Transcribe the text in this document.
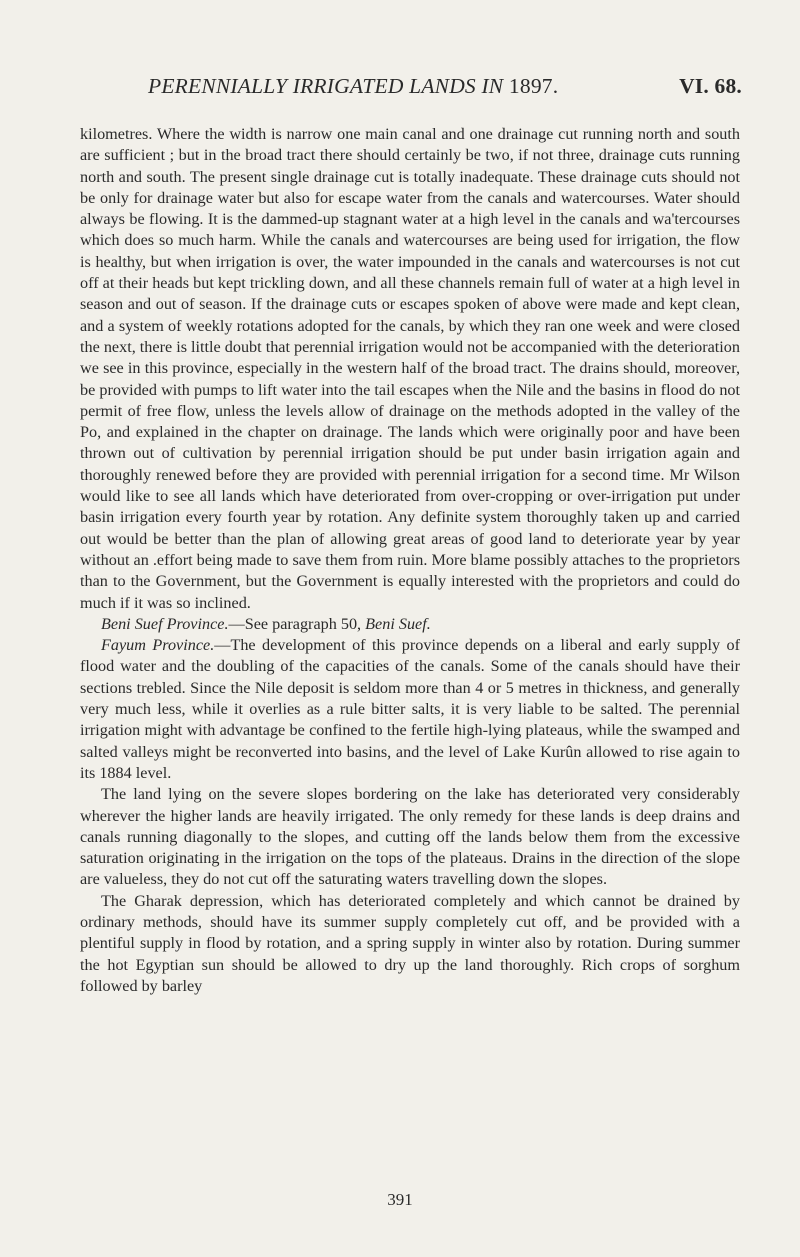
PERENNIALLY IRRIGATED LANDS IN 1897.	VI. 68.

kilometres. Where the width is narrow one main canal and one drainage cut running north and south are sufficient ; but in the broad tract there should certainly be two, if not three, drainage cuts running north and south. The present single drainage cut is totally inadequate. These drainage cuts should not be only for drainage water but also for escape water from the canals and watercourses. Water should always be flowing. It is the dammed-up stagnant water at a high level in the canals and wa'tercourses which does so much harm. While the canals and watercourses are being used for irrigation, the flow is healthy, but when irrigation is over, the water impounded in the canals and watercourses is not cut off at their heads but kept trickling down, and all these channels remain full of water at a high level in season and out of season. If the drainage cuts or escapes spoken of above were made and kept clean, and a system of weekly rotations adopted for the canals, by which they ran one week and were closed the next, there is little doubt that perennial irrigation would not be accompanied with the deterioration we see in this province, especially in the western half of the broad tract. The drains should, moreover, be provided with pumps to lift water into the tail escapes when the Nile and the basins in flood do not permit of free flow, unless the levels allow of drainage on the methods adopted in the valley of the Po, and explained in the chapter on drainage. The lands which were originally poor and have been thrown out of cultivation by perennial irrigation should be put under basin irrigation again and thoroughly renewed before they are provided with perennial irrigation for a second time. Mr Wilson would like to see all lands which have deteriorated from over-cropping or over-irrigation put under basin irrigation every fourth year by rotation. Any definite system thoroughly taken up and carried out would be better than the plan of allowing great areas of good land to deteriorate year by year without an .effort being made to save them from ruin. More blame possibly attaches to the proprietors than to the Government, but the Government is equally interested with the proprietors and could do much if it was so inclined.

Beni Suef Province.—See paragraph 50, Beni Suef.

Fayum Province.—The development of this province depends on a liberal and early supply of flood water and the doubling of the capacities of the canals. Some of the canals should have their sections trebled. Since the Nile deposit is seldom more than 4 or 5 metres in thickness, and generally very much less, while it overlies as a rule bitter salts, it is very liable to be salted. The perennial irrigation might with advantage be confined to the fertile high-lying plateaus, while the swamped and salted valleys might be reconverted into basins, and the level of Lake Kurûn allowed to rise again to its 1884 level.

The land lying on the severe slopes bordering on the lake has deteriorated very considerably wherever the higher lands are heavily irrigated. The only remedy for these lands is deep drains and canals running diagonally to the slopes, and cutting off the lands below them from the excessive saturation originating in the irrigation on the tops of the plateaus. Drains in the direction of the slope are valueless, they do not cut off the saturating waters travelling down the slopes.

The Gharak depression, which has deteriorated completely and which cannot be drained by ordinary methods, should have its summer supply completely cut off, and be provided with a plentiful supply in flood by rotation, and a spring supply in winter also by rotation. During summer the hot Egyptian sun should be allowed to dry up the land thoroughly. Rich crops of sorghum followed by barley

391
